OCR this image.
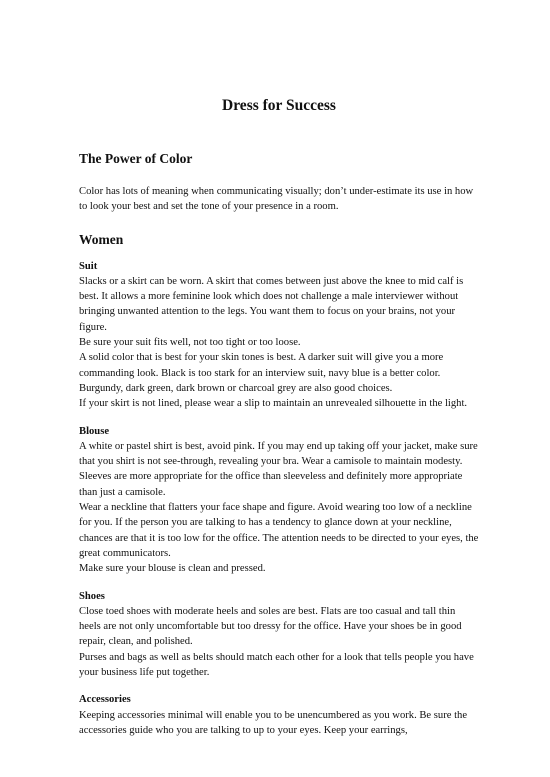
Dress for Success
The Power of Color

Color has lots of meaning when communicating visually; don’t under-estimate its use in how to look your best and set the tone of your presence in a room.

Women
Suit

Slacks or a skirt can be worn. A skirt that comes between just above the knee to mid calf is best. It allows a more feminine look which does not challenge a male interviewer without bringing unwanted attention to the legs. You want them to focus on your brains, not your figure.

Be sure your suit fits well, not too tight or too loose.

A solid color that is best for your skin tones is best. A darker suit will give you a more commanding look. Black is too stark for an interview suit, navy blue is a better color. Burgundy, dark green, dark brown or charcoal grey are also good choices.

If your skirt is not lined, please wear a slip to maintain an unrevealed silhouette in the light.

Blouse

A white or pastel shirt is best, avoid pink. If you may end up taking off your jacket, make sure that you shirt is not see-through, revealing your bra. Wear a camisole to maintain modesty. Sleeves are more appropriate for the office than sleeveless and definitely more appropriate than just a camisole.

Wear a neckline that flatters your face shape and figure. Avoid wearing too low of a neckline for you. If the person you are talking to has a tendency to glance down at your neckline, chances are that it is too low for the office. The attention needs to be directed to your eyes, the great communicators.

Make sure your blouse is clean and pressed.

Shoes

Close toed shoes with moderate heels and soles are best. Flats are too casual and tall thin heels are not only uncomfortable but too dressy for the office. Have your shoes be in good repair, clean, and polished.

Purses and bags as well as belts should match each other for a look that tells people you have your business life put together.

Accessories

Keeping accessories minimal will enable you to be unencumbered as you work. Be sure the accessories guide who you are talking to up to your eyes. Keep your earrings,
